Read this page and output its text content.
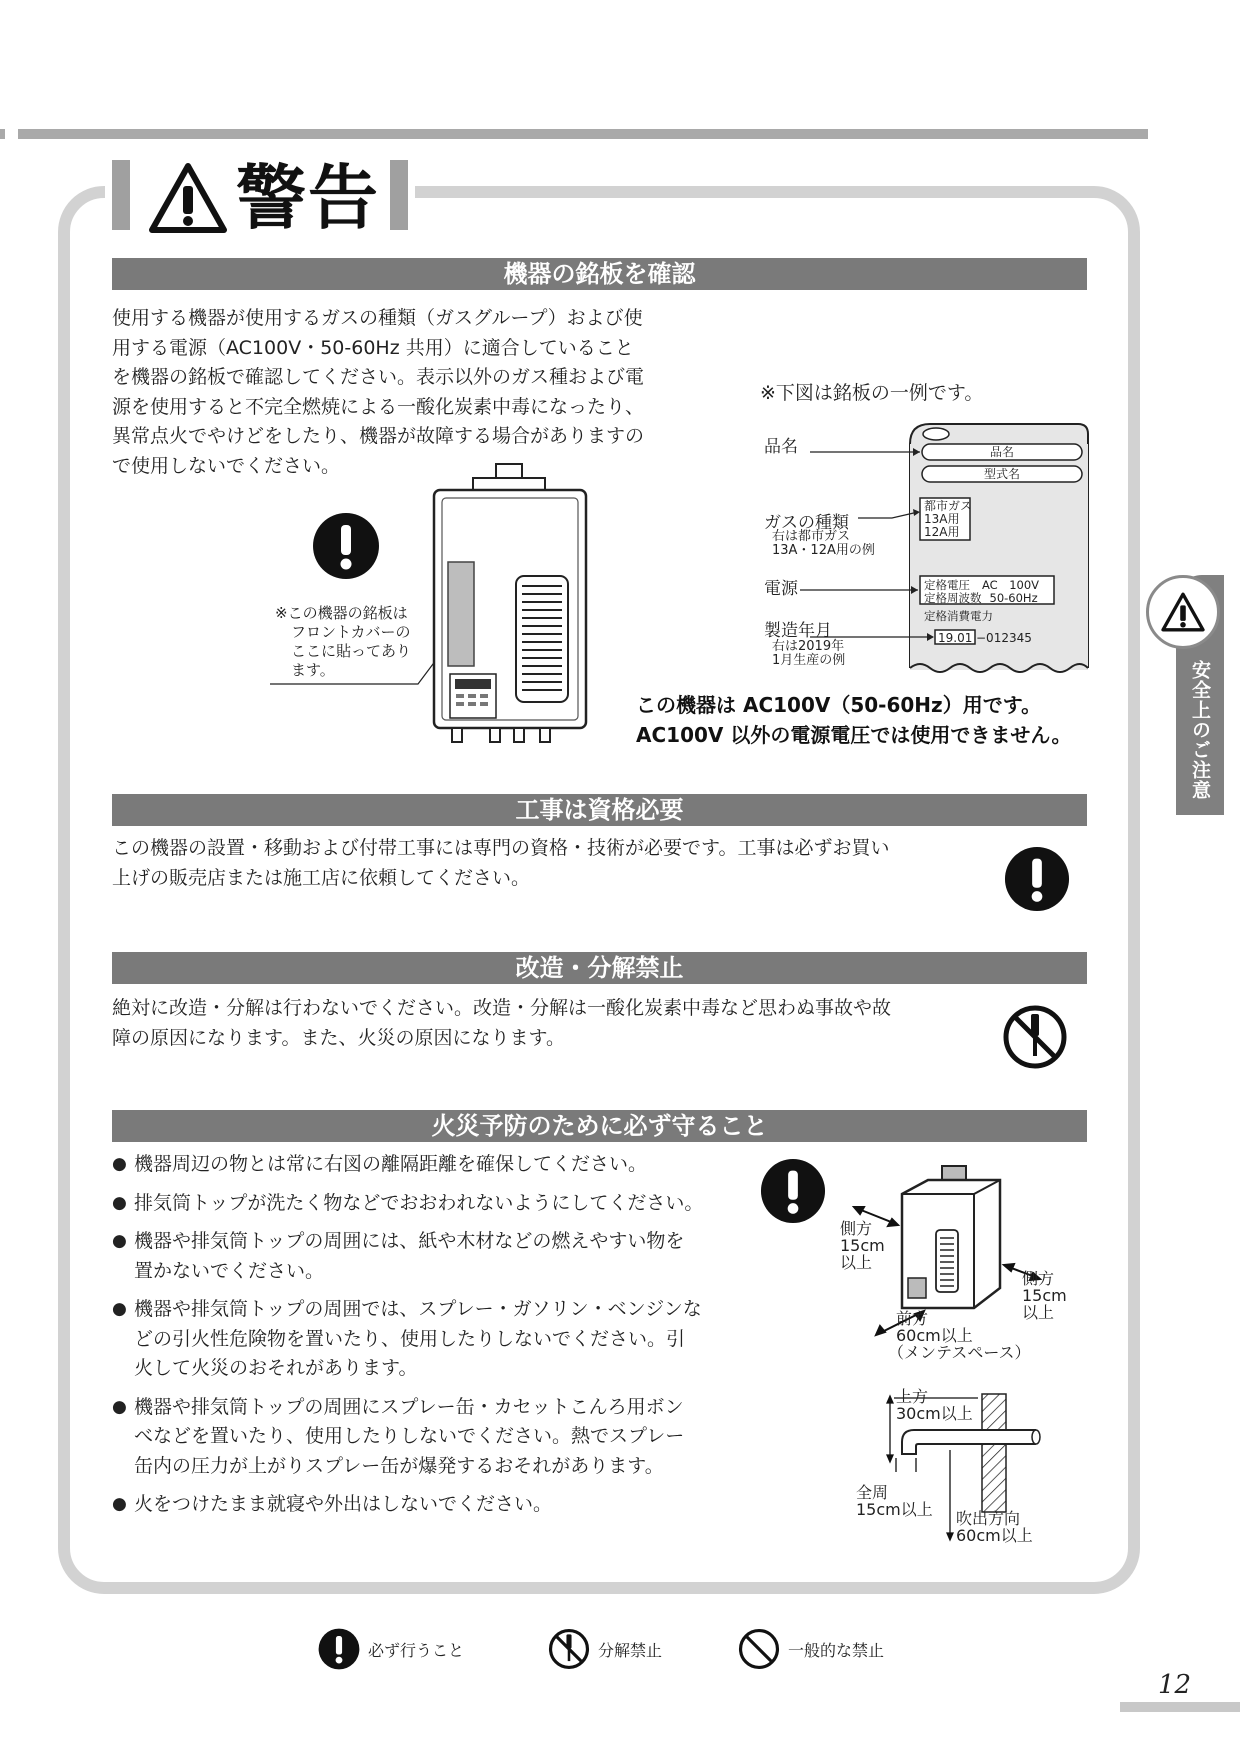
警告
機器の銘板を確認
使用する機器が使用するガスの種類（ガスグループ）および使
用する電源（AC100V・50-60Hz 共用）に適合していること
を機器の銘板で確認してください。表示以外のガス種および電
源を使用すると不完全燃焼による一酸化炭素中毒になったり、
異常点火でやけどをしたり、機器が故障する場合がありますの
で使用しないでください。
※この機器の銘板は
フロントカバーの
ここに貼ってあり
ます。
※下図は銘板の一例です。
品名
ガスの種類
右は都市ガス
13A・12A用の例
電源
製造年月
右は2019年
1月生産の例
品名
型式名
都市ガス
13A用
12A用
定格電圧 AC　100V
定格周波数 50-60Hz
定格消費電力
19.01 −012345
この機器は AC100V（50-60Hz）用です。
AC100V 以外の電源電圧では使用できません。
工事は資格必要
この機器の設置・移動および付帯工事には専門の資格・技術が必要です。工事は必ずお買い
上げの販売店または施工店に依頼してください。
改造・分解禁止
絶対に改造・分解は行わないでください。改造・分解は一酸化炭素中毒など思わぬ事故や故
障の原因になります。また、火災の原因になります。
火災予防のために必ず守ること
● 機器周辺の物とは常に右図の離隔距離を確保してください。
● 排気筒トップが洗たく物などでおおわれないようにしてください。
● 機器や排気筒トップの周囲には、紙や木材などの燃えやすい物を
置かないでください。
● 機器や排気筒トップの周囲では、スプレー・ガソリン・ベンジンな
どの引火性危険物を置いたり、使用したりしないでください。引
火して火災のおそれがあります。
● 機器や排気筒トップの周囲にスプレー缶・カセットこんろ用ボン
べなどを置いたり、使用したりしないでください。熱でスプレー
缶内の圧力が上がりスプレー缶が爆発するおそれがあります。
● 火をつけたまま就寝や外出はしないでください。
側方
15cm
以上
側方
15cm
以上
前方
60cm以上
（メンテスペース）
上方
30cm以上
全周
15cm以上 吹出方向
60cm以上
安全上のご注意
必ず行うこと	分解禁止	一般的な禁止
12
